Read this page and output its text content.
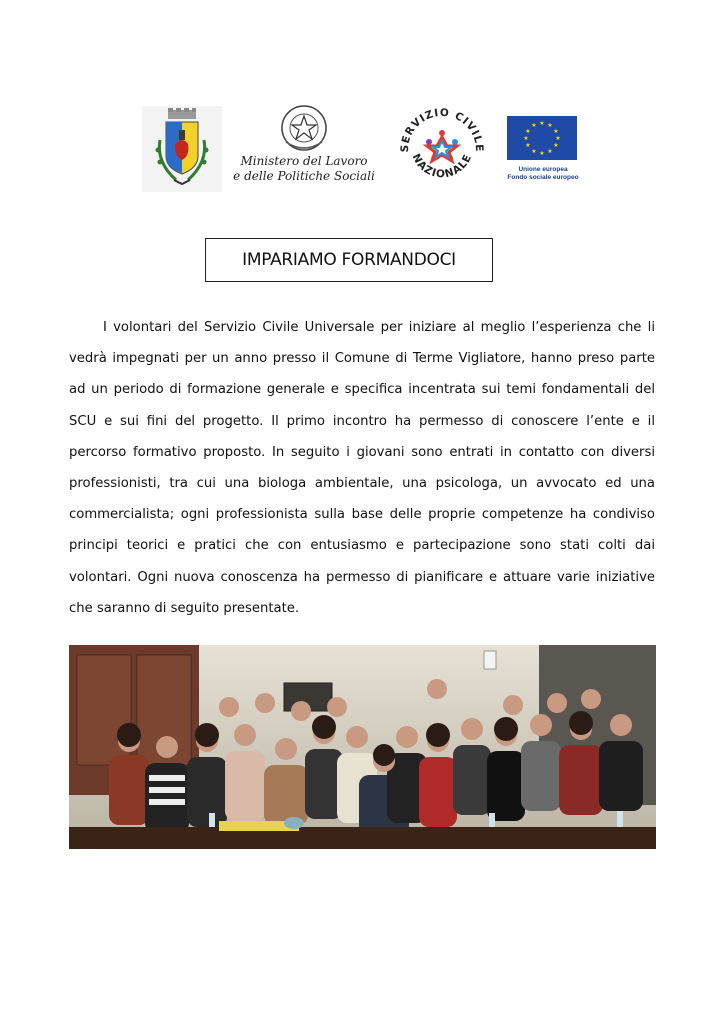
Ministero del Lavoro
e delle Politiche Sociali
SERVIZIO CIVILE
NAZIONALE
★ ★
★
★
★
★
★
★
★
★
★
★
Unione europea
Fondo sociale europeo
IMPARIAMO FORMANDOCI

I volontari del Servizio Civile Universale per iniziare al meglio l’esperienza che li vedrà impegnati per un anno presso il Comune di Terme Vigliatore, hanno preso parte ad un periodo di formazione generale e specifica incentrata sui temi fondamentali del SCU e sui fini del progetto. Il primo incontro ha permesso di conoscere l’ente e il percorso formativo proposto. In seguito i giovani sono entrati in contatto con diversi professionisti, tra cui una biologa ambientale, una psicologa, un avvocato ed una commercialista; ogni professionista sulla base delle proprie competenze ha condiviso principi teorici e pratici che con entusiasmo e partecipazione sono stati colti dai volontari. Ogni nuova conoscenza ha permesso di pianificare e attuare varie iniziative che saranno di seguito presentate.
